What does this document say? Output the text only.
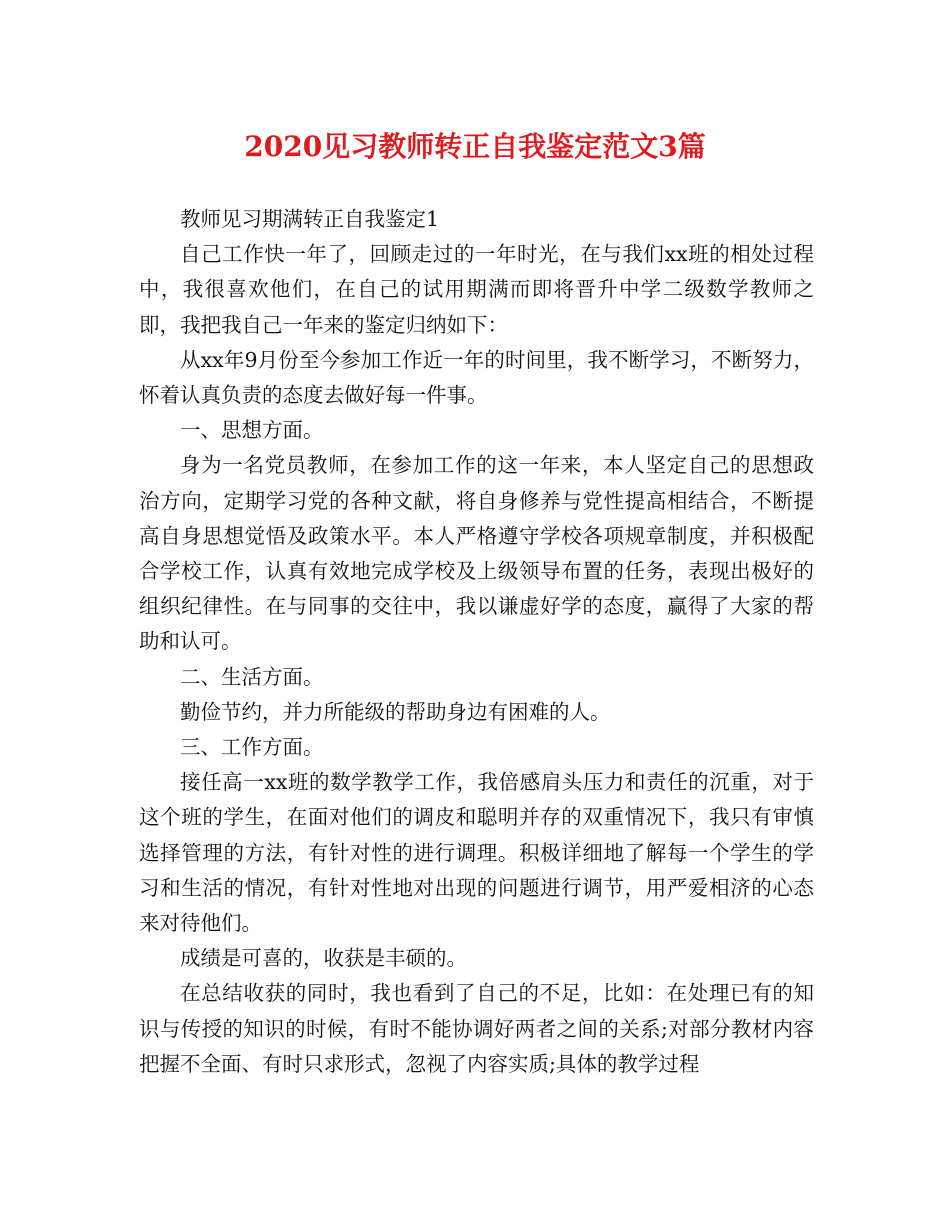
2020见习教师转正自我鉴定范文3篇

教师见习期满转正自我鉴定1

自己工作快一年了，回顾走过的一年时光，在与我们xx班的相处过程中，我很喜欢他们，在自己的试用期满而即将晋升中学二级数学教师之即，我把我自己一年来的鉴定归纳如下：

从xx年9月份至今参加工作近一年的时间里，我不断学习，不断努力，怀着认真负责的态度去做好每一件事。

一、思想方面。

身为一名党员教师，在参加工作的这一年来，本人坚定自己的思想政治方向，定期学习党的各种文献，将自身修养与党性提高相结合，不断提高自身思想觉悟及政策水平。本人严格遵守学校各项规章制度，并积极配合学校工作，认真有效地完成学校及上级领导布置的任务，表现出极好的组织纪律性。在与同事的交往中，我以谦虚好学的态度，赢得了大家的帮助和认可。

二、生活方面。

勤俭节约，并力所能级的帮助身边有困难的人。

三、工作方面。

接任高一xx班的数学教学工作，我倍感肩头压力和责任的沉重，对于这个班的学生，在面对他们的调皮和聪明并存的双重情况下，我只有审慎选择管理的方法，有针对性的进行调理。积极详细地了解每一个学生的学习和生活的情况，有针对性地对出现的问题进行调节，用严爱相济的心态来对待他们。

成绩是可喜的，收获是丰硕的。

在总结收获的同时，我也看到了自己的不足，比如：在处理已有的知识与传授的知识的时候，有时不能协调好两者之间的关系;对部分教材内容把握不全面、有时只求形式，忽视了内容实质;具体的教学过程
